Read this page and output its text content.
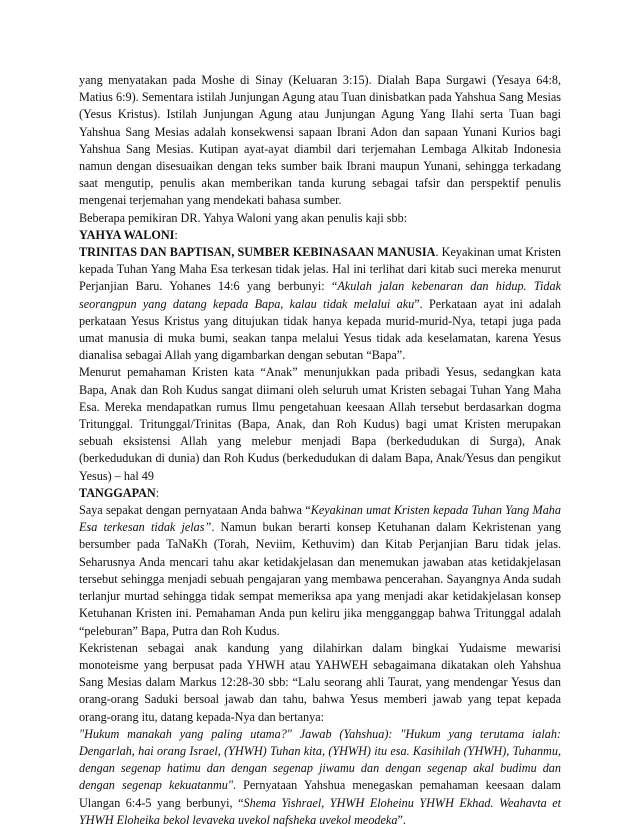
yang menyatakan pada Moshe di Sinay (Keluaran 3:15). Dialah Bapa Surgawi (Yesaya 64:8, Matius 6:9). Sementara istilah Junjungan Agung atau Tuan dinisbatkan pada Yahshua Sang Mesias (Yesus Kristus). Istilah Junjungan Agung atau Junjungan Agung Yang Ilahi serta Tuan bagi Yahshua Sang Mesias adalah konsekwensi sapaan Ibrani Adon dan sapaan Yunani Kurios bagi Yahshua Sang Mesias. Kutipan ayat-ayat diambil dari terjemahan Lembaga Alkitab Indonesia namun dengan disesuaikan dengan teks sumber baik Ibrani maupun Yunani, sehingga terkadang saat mengutip, penulis akan memberikan tanda kurung sebagai tafsir dan perspektif penulis mengenai terjemahan yang mendekati bahasa sumber.

Beberapa pemikiran DR. Yahya Waloni yang akan penulis kaji sbb:

YAHYA WALONI:

TRINITAS DAN BAPTISAN, SUMBER KEBINASAAN MANUSIA. Keyakinan umat Kristen kepada Tuhan Yang Maha Esa terkesan tidak jelas. Hal ini terlihat dari kitab suci mereka menurut Perjanjian Baru. Yohanes 14:6 yang berbunyi: “Akulah jalan kebenaran dan hidup. Tidak seorangpun yang datang kepada Bapa, kalau tidak melalui aku”. Perkataan ayat ini adalah perkataan Yesus Kristus yang ditujukan tidak hanya kepada murid-murid-Nya, tetapi juga pada umat manusia di muka bumi, seakan tanpa melalui Yesus tidak ada keselamatan, karena Yesus dianalisa sebagai Allah yang digambarkan dengan sebutan “Bapa”.

Menurut pemahaman Kristen kata “Anak” menunjukkan pada pribadi Yesus, sedangkan kata Bapa, Anak dan Roh Kudus sangat diimani oleh seluruh umat Kristen sebagai Tuhan Yang Maha Esa. Mereka mendapatkan rumus Ilmu pengetahuan keesaan Allah tersebut berdasarkan dogma Tritunggal. Tritunggal/Trinitas (Bapa, Anak, dan Roh Kudus) bagi umat Kristen merupakan sebuah eksistensi Allah yang melebur menjadi Bapa (berkedudukan di Surga), Anak (berkedudukan di dunia) dan Roh Kudus (berkedudukan di dalam Bapa, Anak/Yesus dan pengikut Yesus) – hal 49

TANGGAPAN:

Saya sepakat dengan pernyataan Anda bahwa “Keyakinan umat Kristen kepada Tuhan Yang Maha Esa terkesan tidak jelas”. Namun bukan berarti konsep Ketuhanan dalam Kekristenan yang bersumber pada TaNaKh (Torah, Neviim, Kethuvim) dan Kitab Perjanjian Baru tidak jelas. Seharusnya Anda mencari tahu akar ketidakjelasan dan menemukan jawaban atas ketidakjelasan tersebut sehingga menjadi sebuah pengajaran yang membawa pencerahan. Sayangnya Anda sudah terlanjur murtad sehingga tidak sempat memeriksa apa yang menjadi akar ketidakjelasan konsep Ketuhanan Kristen ini. Pemahaman Anda pun keliru jika mengganggap bahwa Tritunggal adalah “peleburan” Bapa, Putra dan Roh Kudus.

Kekristenan sebagai anak kandung yang dilahirkan dalam bingkai Yudaisme mewarisi monoteisme yang berpusat pada YHWH atau YAHWEH sebagaimana dikatakan oleh Yahshua Sang Mesias dalam Markus 12:28-30 sbb: “Lalu seorang ahli Taurat, yang mendengar Yesus dan orang-orang Saduki bersoal jawab dan tahu, bahwa Yesus memberi jawab yang tepat kepada orang-orang itu, datang kepada-Nya dan bertanya:

"Hukum manakah yang paling utama?" Jawab (Yahshua): "Hukum yang terutama ialah: Dengarlah, hai orang Israel, (YHWH) Tuhan kita, (YHWH) itu esa. Kasihilah (YHWH), Tuhanmu, dengan segenap hatimu dan dengan segenap jiwamu dan dengan segenap akal budimu dan dengan segenap kekuatanmu". Pernyataan Yahshua menegaskan pemahaman keesaan dalam Ulangan 6:4-5 yang berbunyi, “Shema Yishrael, YHWH Eloheinu YHWH Ekhad. Weahavta et YHWH Eloheika bekol levaveka uvekol nafsheka uvekol meodeka”.
